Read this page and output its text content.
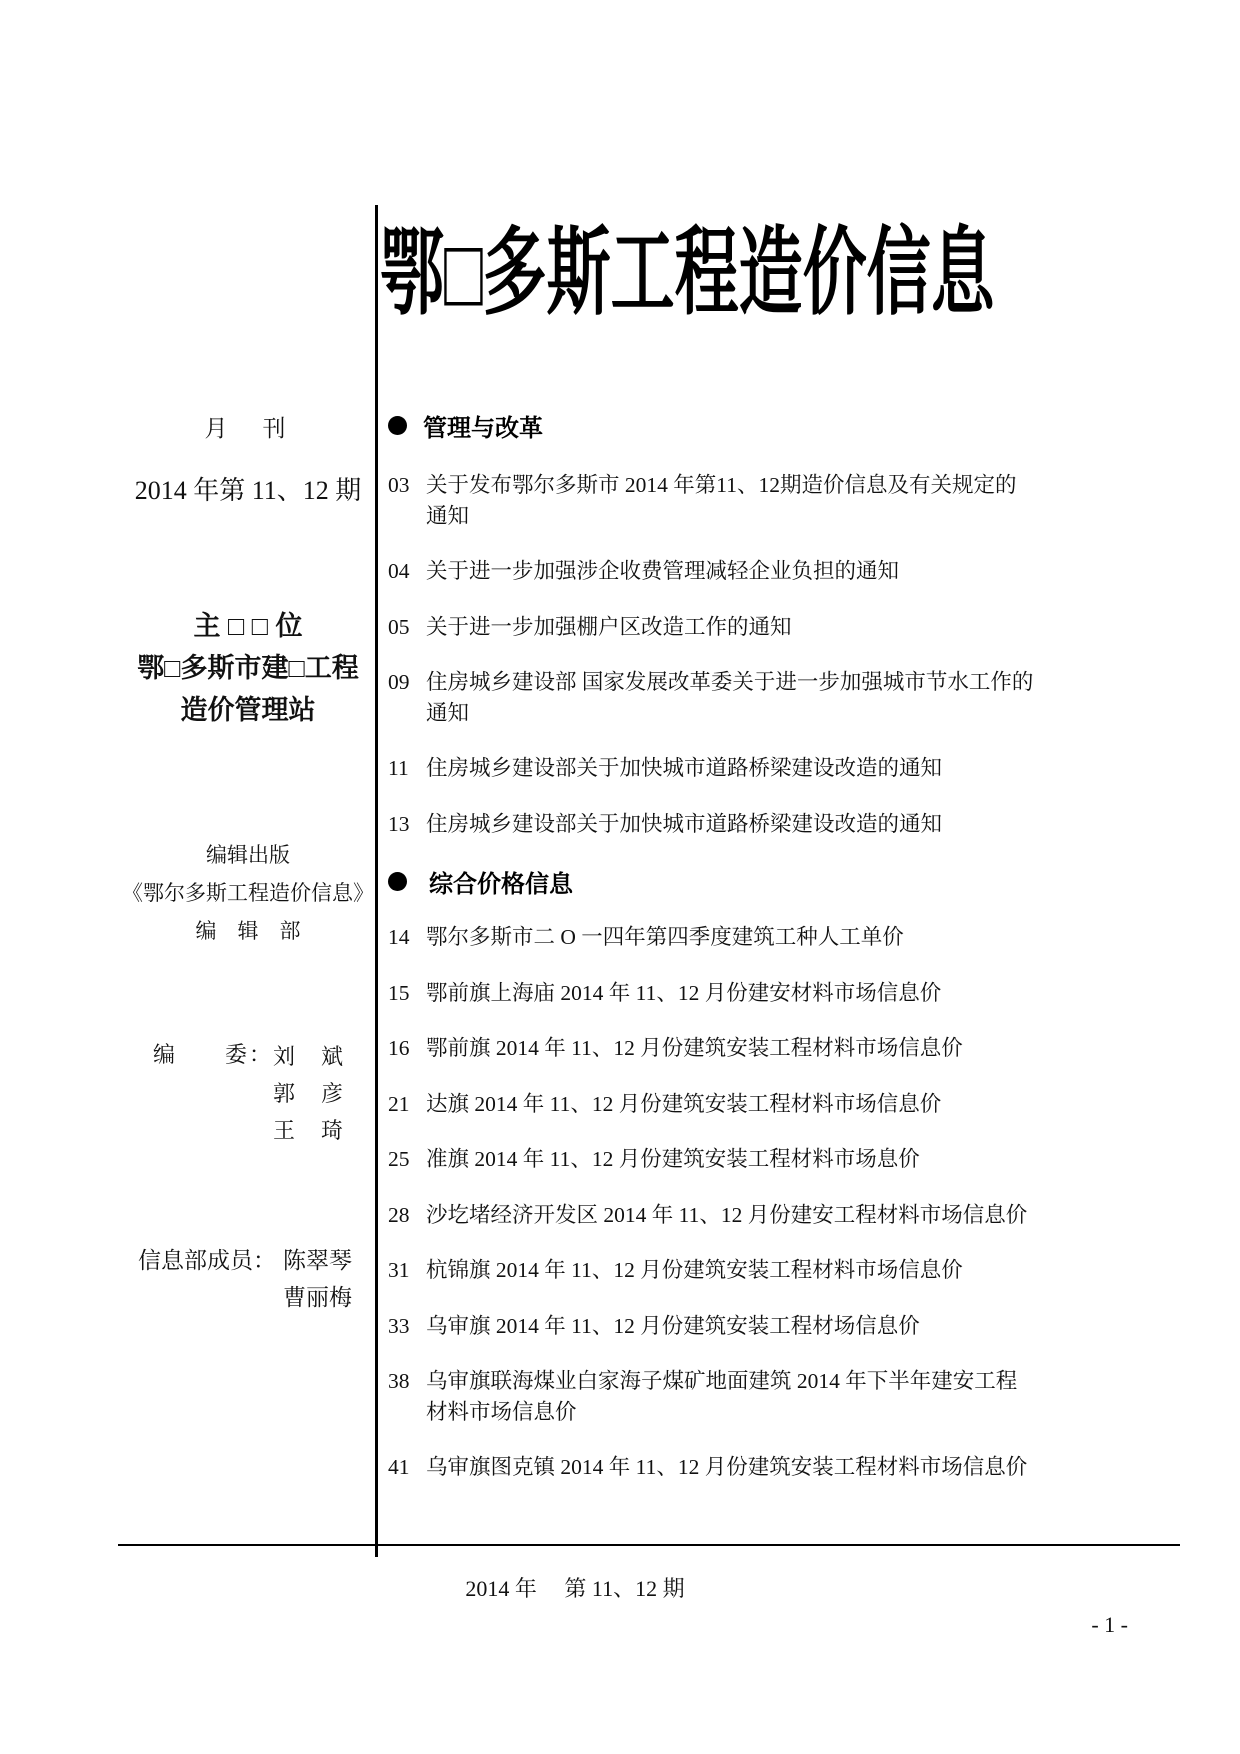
鄂□多斯工程造价信息
月　刊
2014 年第 11、12 期
主 □ □ 位
鄂□多斯市建□工程
造价管理站
编辑出版
《鄂尔多斯工程造价信息》
编　辑　部
编　　委： 刘　斌
郭　彦
王　琦
信息部成员： 陈翠琴
曹丽梅
管理与改革
03 关于发布鄂尔多斯市 2014 年第11、12期造价信息及有关规定的通知
04 关于进一步加强涉企收费管理减轻企业负担的通知
05 关于进一步加强棚户区改造工作的通知
09 住房城乡建设部 国家发展改革委关于进一步加强城市节水工作的通知
11 住房城乡建设部关于加快城市道路桥梁建设改造的通知
13 住房城乡建设部关于加快城市道路桥梁建设改造的通知
综合价格信息
14 鄂尔多斯市二 O 一四年第四季度建筑工种人工单价
15 鄂前旗上海庙 2014 年 11、12 月份建安材料市场信息价
16 鄂前旗 2014 年 11、12 月份建筑安装工程材料市场信息价
21 达旗 2014 年 11、12 月份建筑安装工程材料市场信息价
25 准旗 2014 年 11、12 月份建筑安装工程材料市场息价
28 沙圪堵经济开发区 2014 年 11、12 月份建安工程材料市场信息价
31 杭锦旗 2014 年 11、12 月份建筑安装工程材料市场信息价
33 乌审旗 2014 年 11、12 月份建筑安装工程材场信息价
38 乌审旗联海煤业白家海子煤矿地面建筑 2014 年下半年建安工程材料市场信息价
41 乌审旗图克镇 2014 年 11、12 月份建筑安装工程材料市场信息价
2014 年　 第 11、12 期
- 1 -
